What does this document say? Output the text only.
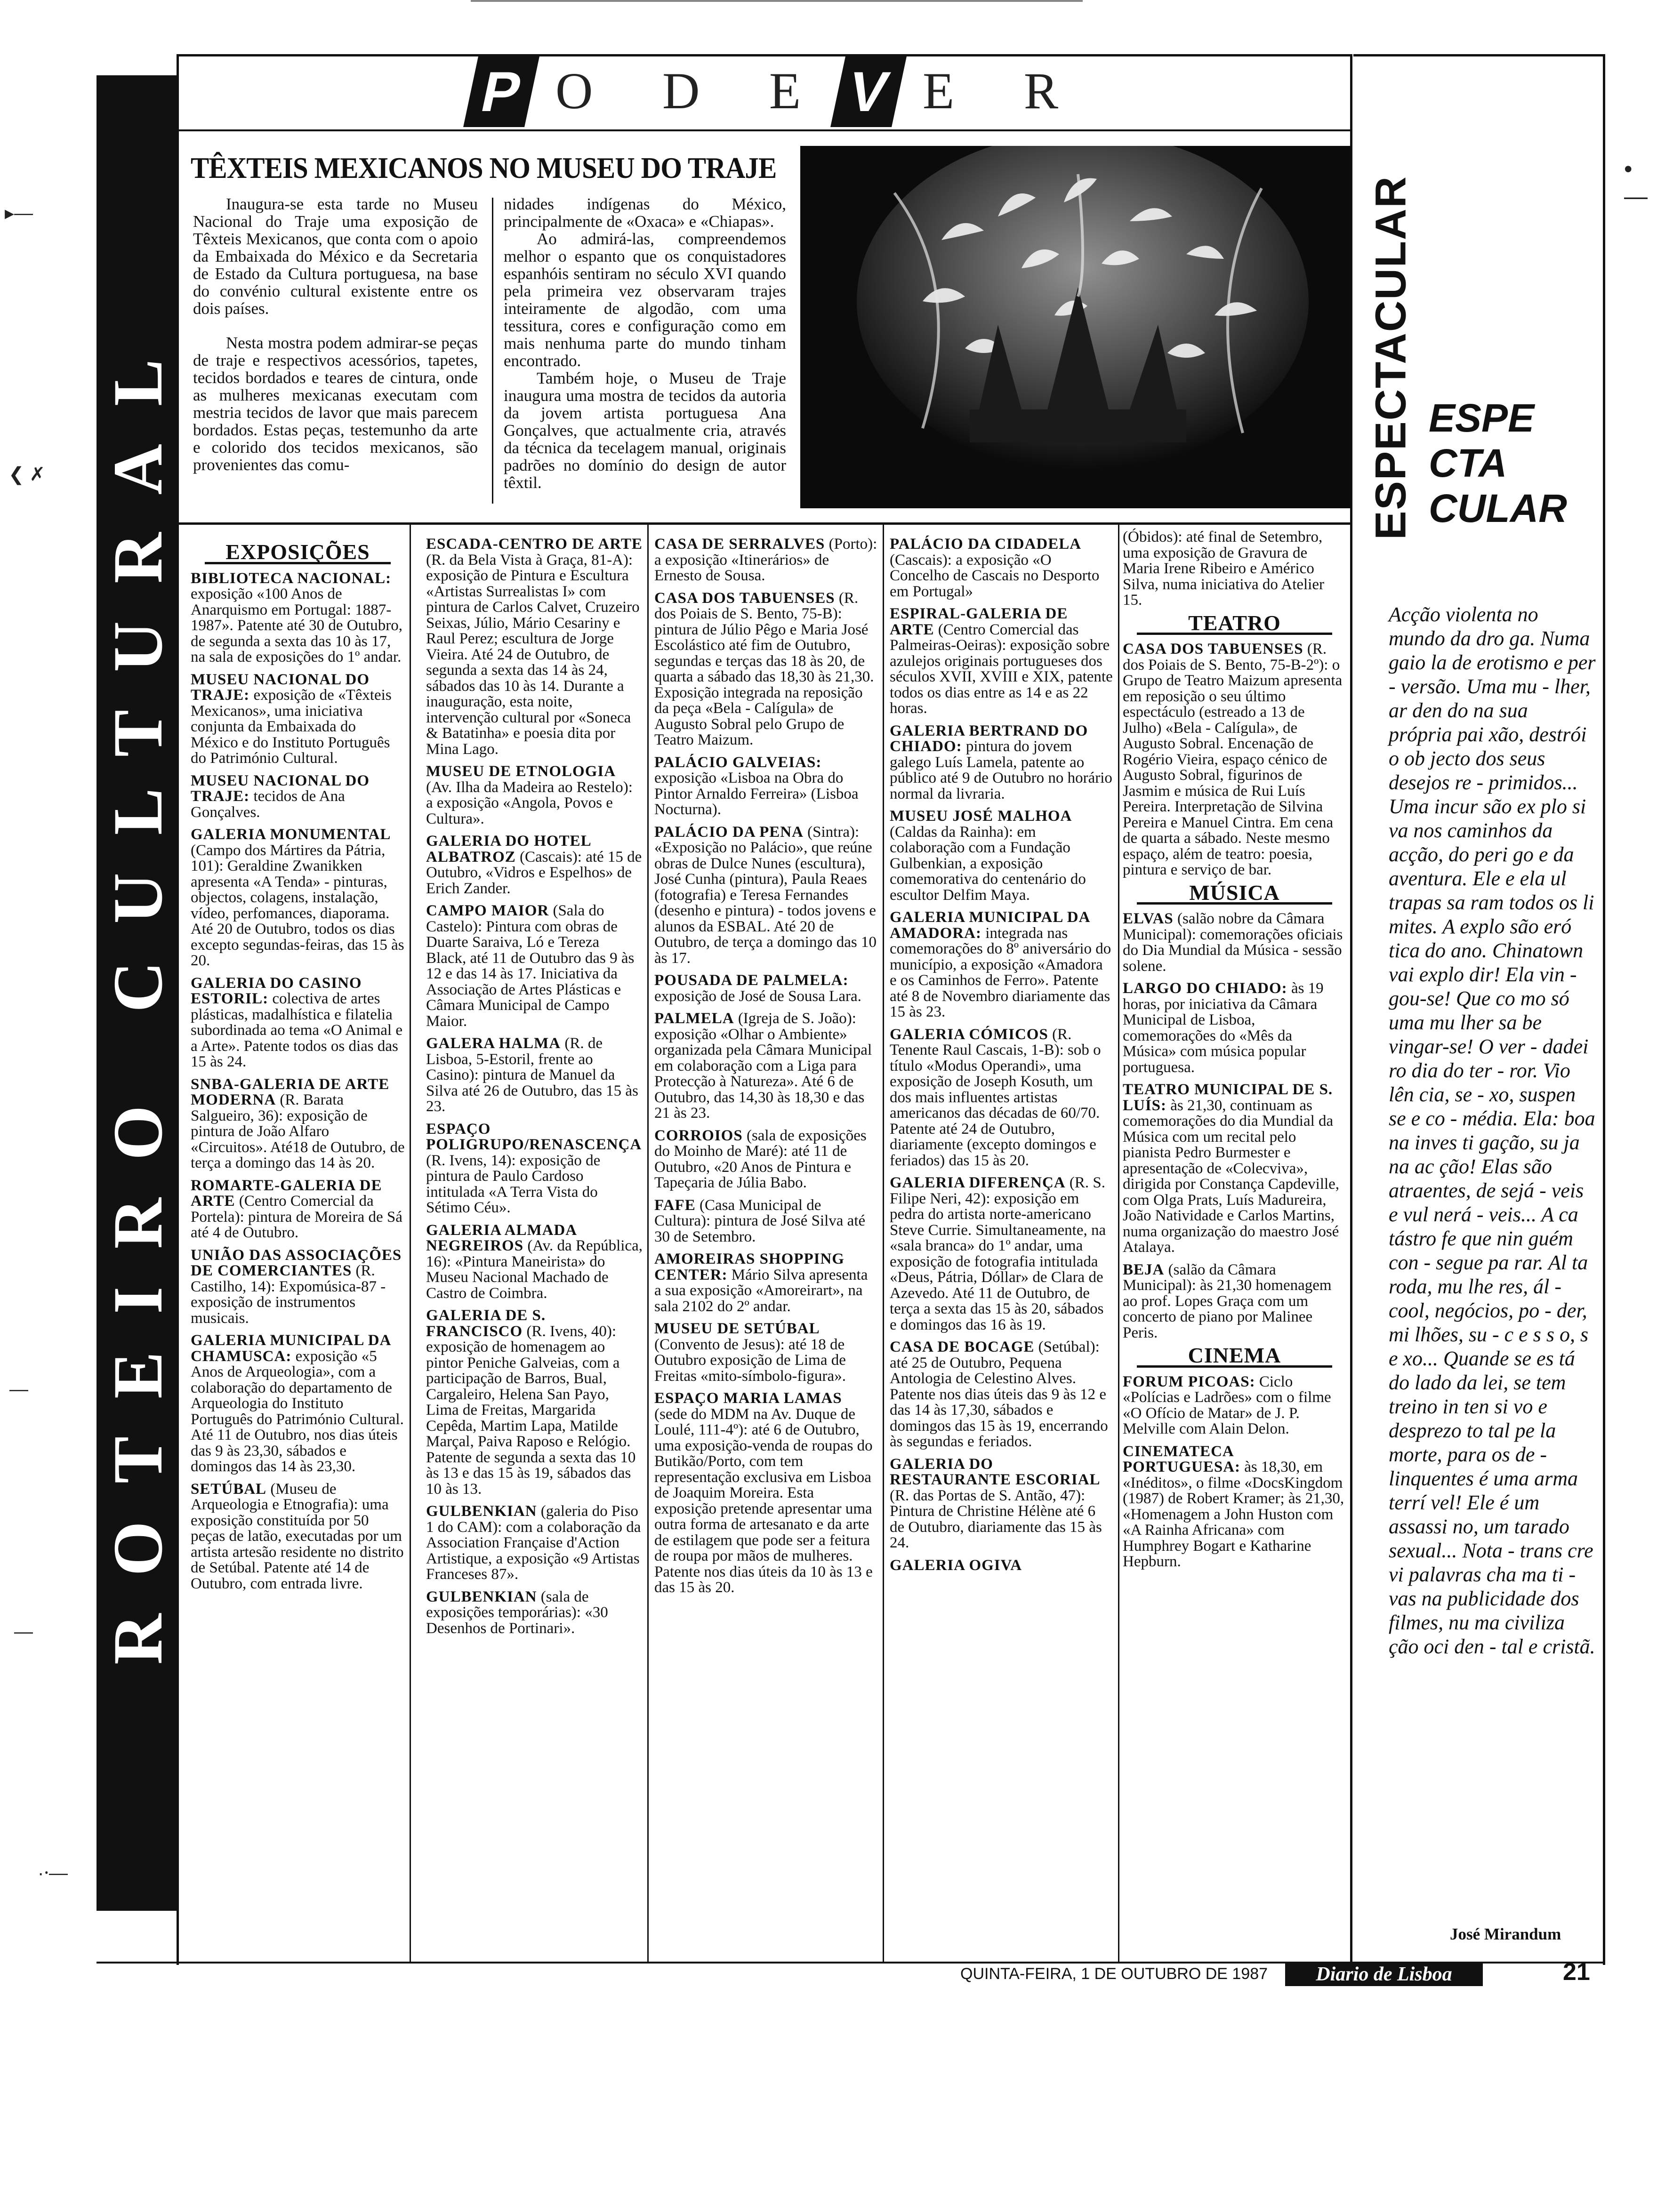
▸—
❮ ✗
—
—
·⸱—
• —
P O D E V E R
ROTEIRO CULTURAL
TÊXTEIS MEXICANOS NO MUSEU DO TRAJE

Inaugura-se esta tarde no Museu Nacional do Traje uma exposição de Têxteis Mexicanos, que conta com o apoio da Embaixada do México e da Secretaria de Estado da Cultura portuguesa, na base do convénio cultural existente entre os dois países.

Nesta mostra podem admirar-se peças de traje e respectivos acessórios, tapetes, tecidos bordados e teares de cintura, onde as mulheres mexicanas executam com mestria tecidos de lavor que mais parecem bordados. Estas peças, testemunho da arte e colorido dos tecidos mexicanos, são provenientes das comu-

nidades indígenas do México, principalmente de «Oxaca» e «Chiapas».

Ao admirá-las, compreendemos melhor o espanto que os conquistadores espanhóis sentiram no século XVI quando pela primeira vez observaram trajes inteiramente de algodão, com uma tessitura, cores e configuração como em mais nenhuma parte do mundo tinham encontrado.

Também hoje, o Museu de Traje inaugura uma mostra de tecidos da autoria da jovem artista portuguesa Ana Gonçalves, que actualmente cria, através da técnica da tecelagem manual, originais padrões no domínio do design de autor têxtil.

EXPOSIÇÕES
BIBLIOTECA NACIONAL: exposição «100 Anos de Anarquismo em Portugal: 1887-1987». Patente até 30 de Outubro, de segunda a sexta das 10 às 17, na sala de exposições do 1º andar.
MUSEU NACIONAL DO TRAJE: exposição de «Têxteis Mexicanos», uma iniciativa conjunta da Embaixada do México e do Instituto Português do Património Cultural.
MUSEU NACIONAL DO TRAJE: tecidos de Ana Gonçalves.
GALERIA MONUMENTAL (Campo dos Mártires da Pátria, 101): Geraldine Zwanikken apresenta «A Tenda» - pinturas, objectos, colagens, instalação, vídeo, perfomances, diaporama. Até 20 de Outubro, todos os dias excepto segundas-feiras, das 15 às 20.
GALERIA DO CASINO ESTORIL: colectiva de artes plásticas, madalhística e filatelia subordinada ao tema «O Animal e a Arte». Patente todos os dias das 15 às 24.
SNBA-GALERIA DE ARTE MODERNA (R. Barata Salgueiro, 36): exposição de pintura de João Alfaro «Circuitos». Até18 de Outubro, de terça a domingo das 14 às 20.
ROMARTE-GALERIA DE ARTE (Centro Comercial da Portela): pintura de Moreira de Sá até 4 de Outubro.
UNIÃO DAS ASSOCIAÇÕES DE COMERCIANTES (R. Castilho, 14): Expomúsica-87 - exposição de instrumentos musicais.
GALERIA MUNICIPAL DA CHAMUSCA: exposição «5 Anos de Arqueologia», com a colaboração do departamento de Arqueologia do Instituto Português do Património Cultural. Até 11 de Outubro, nos dias úteis das 9 às 23,30, sábados e domingos das 14 às 23,30.
SETÚBAL (Museu de Arqueologia e Etnografia): uma exposição constituída por 50 peças de latão, executadas por um artista artesão residente no distrito de Setúbal. Patente até 14 de Outubro, com entrada livre.
ESCADA-CENTRO DE ARTE (R. da Bela Vista à Graça, 81-A): exposição de Pintura e Escultura «Artistas Surrealistas I» com pintura de Carlos Calvet, Cruzeiro Seixas, Júlio, Mário Cesariny e Raul Perez; escultura de Jorge Vieira. Até 24 de Outubro, de segunda a sexta das 14 às 24, sábados das 10 às 14. Durante a inauguração, esta noite, intervenção cultural por «Soneca & Batatinha» e poesia dita por Mina Lago.
MUSEU DE ETNOLOGIA (Av. Ilha da Madeira ao Restelo): a exposição «Angola, Povos e Cultura».
GALERIA DO HOTEL ALBATROZ (Cascais): até 15 de Outubro, «Vidros e Espelhos» de Erich Zander.
CAMPO MAIOR (Sala do Castelo): Pintura com obras de Duarte Saraiva, Ló e Tereza Black, até 11 de Outubro das 9 às 12 e das 14 às 17. Iniciativa da Associação de Artes Plásticas e Câmara Municipal de Campo Maior.
GALERA HALMA (R. de Lisboa, 5-Estoril, frente ao Casino): pintura de Manuel da Silva até 26 de Outubro, das 15 às 23.
ESPAÇO POLIGRUPO/RENASCENÇA (R. Ivens, 14): exposição de pintura de Paulo Cardoso intitulada «A Terra Vista do Sétimo Céu».
GALERIA ALMADA NEGREIROS (Av. da República, 16): «Pintura Maneirista» do Museu Nacional Machado de Castro de Coimbra.
GALERIA DE S. FRANCISCO (R. Ivens, 40): exposição de homenagem ao pintor Peniche Galveias, com a participação de Barros, Bual, Cargaleiro, Helena San Payo, Lima de Freitas, Margarida Cepêda, Martim Lapa, Matilde Marçal, Paiva Raposo e Relógio. Patente de segunda a sexta das 10 às 13 e das 15 às 19, sábados das 10 às 13.
GULBENKIAN (galeria do Piso 1 do CAM): com a colaboração da Association Française d'Action Artistique, a exposição «9 Artistas Franceses 87».
GULBENKIAN (sala de exposições temporárias): «30 Desenhos de Portinari».
CASA DE SERRALVES (Porto): a exposição «Itinerários» de Ernesto de Sousa.
CASA DOS TABUENSES (R. dos Poiais de S. Bento, 75-B): pintura de Júlio Pêgo e Maria José Escolástico até fim de Outubro, segundas e terças das 18 às 20, de quarta a sábado das 18,30 às 21,30. Exposição integrada na reposição da peça «Bela - Calígula» de Augusto Sobral pelo Grupo de Teatro Maizum.
PALÁCIO GALVEIAS: exposição «Lisboa na Obra do Pintor Arnaldo Ferreira» (Lisboa Nocturna).
PALÁCIO DA PENA (Sintra): «Exposição no Palácio», que reúne obras de Dulce Nunes (escultura), José Cunha (pintura), Paula Reaes (fotografia) e Teresa Fernandes (desenho e pintura) - todos jovens e alunos da ESBAL. Até 20 de Outubro, de terça a domingo das 10 às 17.
POUSADA DE PALMELA: exposição de José de Sousa Lara.
PALMELA (Igreja de S. João): exposição «Olhar o Ambiente» organizada pela Câmara Municipal em colaboração com a Liga para Protecção à Natureza». Até 6 de Outubro, das 14,30 às 18,30 e das 21 às 23.
CORROIOS (sala de exposições do Moinho de Maré): até 11 de Outubro, «20 Anos de Pintura e Tapeçaria de Júlia Babo.
FAFE (Casa Municipal de Cultura): pintura de José Silva até 30 de Setembro.
AMOREIRAS SHOPPING CENTER: Mário Silva apresenta a sua exposição «Amoreirart», na sala 2102 do 2º andar.
MUSEU DE SETÚBAL (Convento de Jesus): até 18 de Outubro exposição de Lima de Freitas «mito-símbolo-figura».
ESPAÇO MARIA LAMAS (sede do MDM na Av. Duque de Loulé, 111-4º): até 6 de Outubro, uma exposição-venda de roupas do Butikão/Porto, com tem representação exclusiva em Lisboa de Joaquim Moreira. Esta exposição pretende apresentar uma outra forma de artesanato e da arte de estilagem que pode ser a feitura de roupa por mãos de mulheres. Patente nos dias úteis da 10 às 13 e das 15 às 20.
PALÁCIO DA CIDADELA (Cascais): a exposição «O Concelho de Cascais no Desporto em Portugal»
ESPIRAL-GALERIA DE ARTE (Centro Comercial das Palmeiras-Oeiras): exposição sobre azulejos originais portugueses dos séculos XVII, XVIII e XIX, patente todos os dias entre as 14 e as 22 horas.
GALERIA BERTRAND DO CHIADO: pintura do jovem galego Luís Lamela, patente ao público até 9 de Outubro no horário normal da livraria.
MUSEU JOSÉ MALHOA (Caldas da Rainha): em colaboração com a Fundação Gulbenkian, a exposição comemorativa do centenário do escultor Delfim Maya.
GALERIA MUNICIPAL DA AMADORA: integrada nas comemorações do 8º aniversário do município, a exposição «Amadora e os Caminhos de Ferro». Patente até 8 de Novembro diariamente das 15 às 23.
GALERIA CÓMICOS (R. Tenente Raul Cascais, 1-B): sob o título «Modus Operandi», uma exposição de Joseph Kosuth, um dos mais influentes artistas americanos das décadas de 60/70. Patente até 24 de Outubro, diariamente (excepto domingos e feriados) das 15 às 20.
GALERIA DIFERENÇA (R. S. Filipe Neri, 42): exposição em pedra do artista norte-americano Steve Currie. Simultaneamente, na «sala branca» do 1º andar, uma exposição de fotografia intitulada «Deus, Pátria, Dóllar» de Clara de Azevedo. Até 11 de Outubro, de terça a sexta das 15 às 20, sábados e domingos das 16 às 19.
CASA DE BOCAGE (Setúbal): até 25 de Outubro, Pequena Antologia de Celestino Alves. Patente nos dias úteis das 9 às 12 e das 14 às 17,30, sábados e domingos das 15 às 19, encerrando às segundas e feriados.
GALERIA DO RESTAURANTE ESCORIAL (R. das Portas de S. Antão, 47): Pintura de Christine Hélène até 6 de Outubro, diariamente das 15 às 24.
GALERIA OGIVA
(Óbidos): até final de Setembro, uma exposição de Gravura de Maria Irene Ribeiro e Américo Silva, numa iniciativa do Atelier 15.
TEATRO
CASA DOS TABUENSES (R. dos Poiais de S. Bento, 75-B-2º): o Grupo de Teatro Maizum apresenta em reposição o seu último espectáculo (estreado a 13 de Julho) «Bela - Calígula», de Augusto Sobral. Encenação de Rogério Vieira, espaço cénico de Augusto Sobral, figurinos de Jasmim e música de Rui Luís Pereira. Interpretação de Silvina Pereira e Manuel Cintra. Em cena de quarta a sábado. Neste mesmo espaço, além de teatro: poesia, pintura e serviço de bar.
MÚSICA
ELVAS (salão nobre da Câmara Municipal): comemorações oficiais do Dia Mundial da Música - sessão solene.
LARGO DO CHIADO: às 19 horas, por iniciativa da Câmara Municipal de Lisboa, comemorações do «Mês da Música» com música popular portuguesa.
TEATRO MUNICIPAL DE S. LUÍS: às 21,30, continuam as comemorações do dia Mundial da Música com um recital pelo pianista Pedro Burmester e apresentação de «Colecviva», dirigida por Constança Capdeville, com Olga Prats, Luís Madureira, João Natividade e Carlos Martins, numa organização do maestro José Atalaya.
BEJA (salão da Câmara Municipal): às 21,30 homenagem ao prof. Lopes Graça com um concerto de piano por Malinee Peris.
CINEMA
FORUM PICOAS: Ciclo «Polícias e Ladrões» com o filme «O Ofício de Matar» de J. P. Melville com Alain Delon.
CINEMATECA PORTUGUESA: às 18,30, em «Inéditos», o filme «DocsKingdom (1987) de Robert Kramer; às 21,30, «Homenagem a John Huston com «A Rainha Africana» com Humphrey Bogart e Katharine Hepburn.
ESPECTACULAR ESPE
CTA
CULAR
Acção violenta no mundo da dro ga. Numa gaio la de erotismo e per - versão. Uma mu - lher, ar den do na sua própria pai xão, destrói o ob jecto dos seus desejos re - primidos... Uma incur são ex plo si va nos caminhos da acção, do peri go e da aventura. Ele e ela ul trapas sa ram todos os li mites. A explo são eró tica do ano. Chinatown vai explo dir! Ela vin - gou-se! Que co mo só uma mu lher sa be vingar-se! O ver - dadei ro dia do ter - ror. Vio lên cia, se - xo, suspen se e co - média. Ela: boa na inves ti gação, su ja na ac ção! Elas são atraentes, de sejá - veis e vul nerá - veis... A ca tástro fe que nin guém con - segue pa rar. Al ta roda, mu lhe res, ál - cool, negócios, po - der, mi lhões, su - c e s s o, s e xo... Quande se es tá do lado da lei, se tem treino in ten si vo e desprezo to tal pe la morte, para os de - linquentes é uma arma terrí vel! Ele é um assassi no, um tarado sexual... Nota - trans cre vi palavras cha ma ti - vas na publicidade dos filmes, nu ma civiliza ção oci den - tal e cristã.
José Mirandum
QUINTA-FEIRA, 1 DE OUTUBRO DE 1987	Diario de Lisboa	21
